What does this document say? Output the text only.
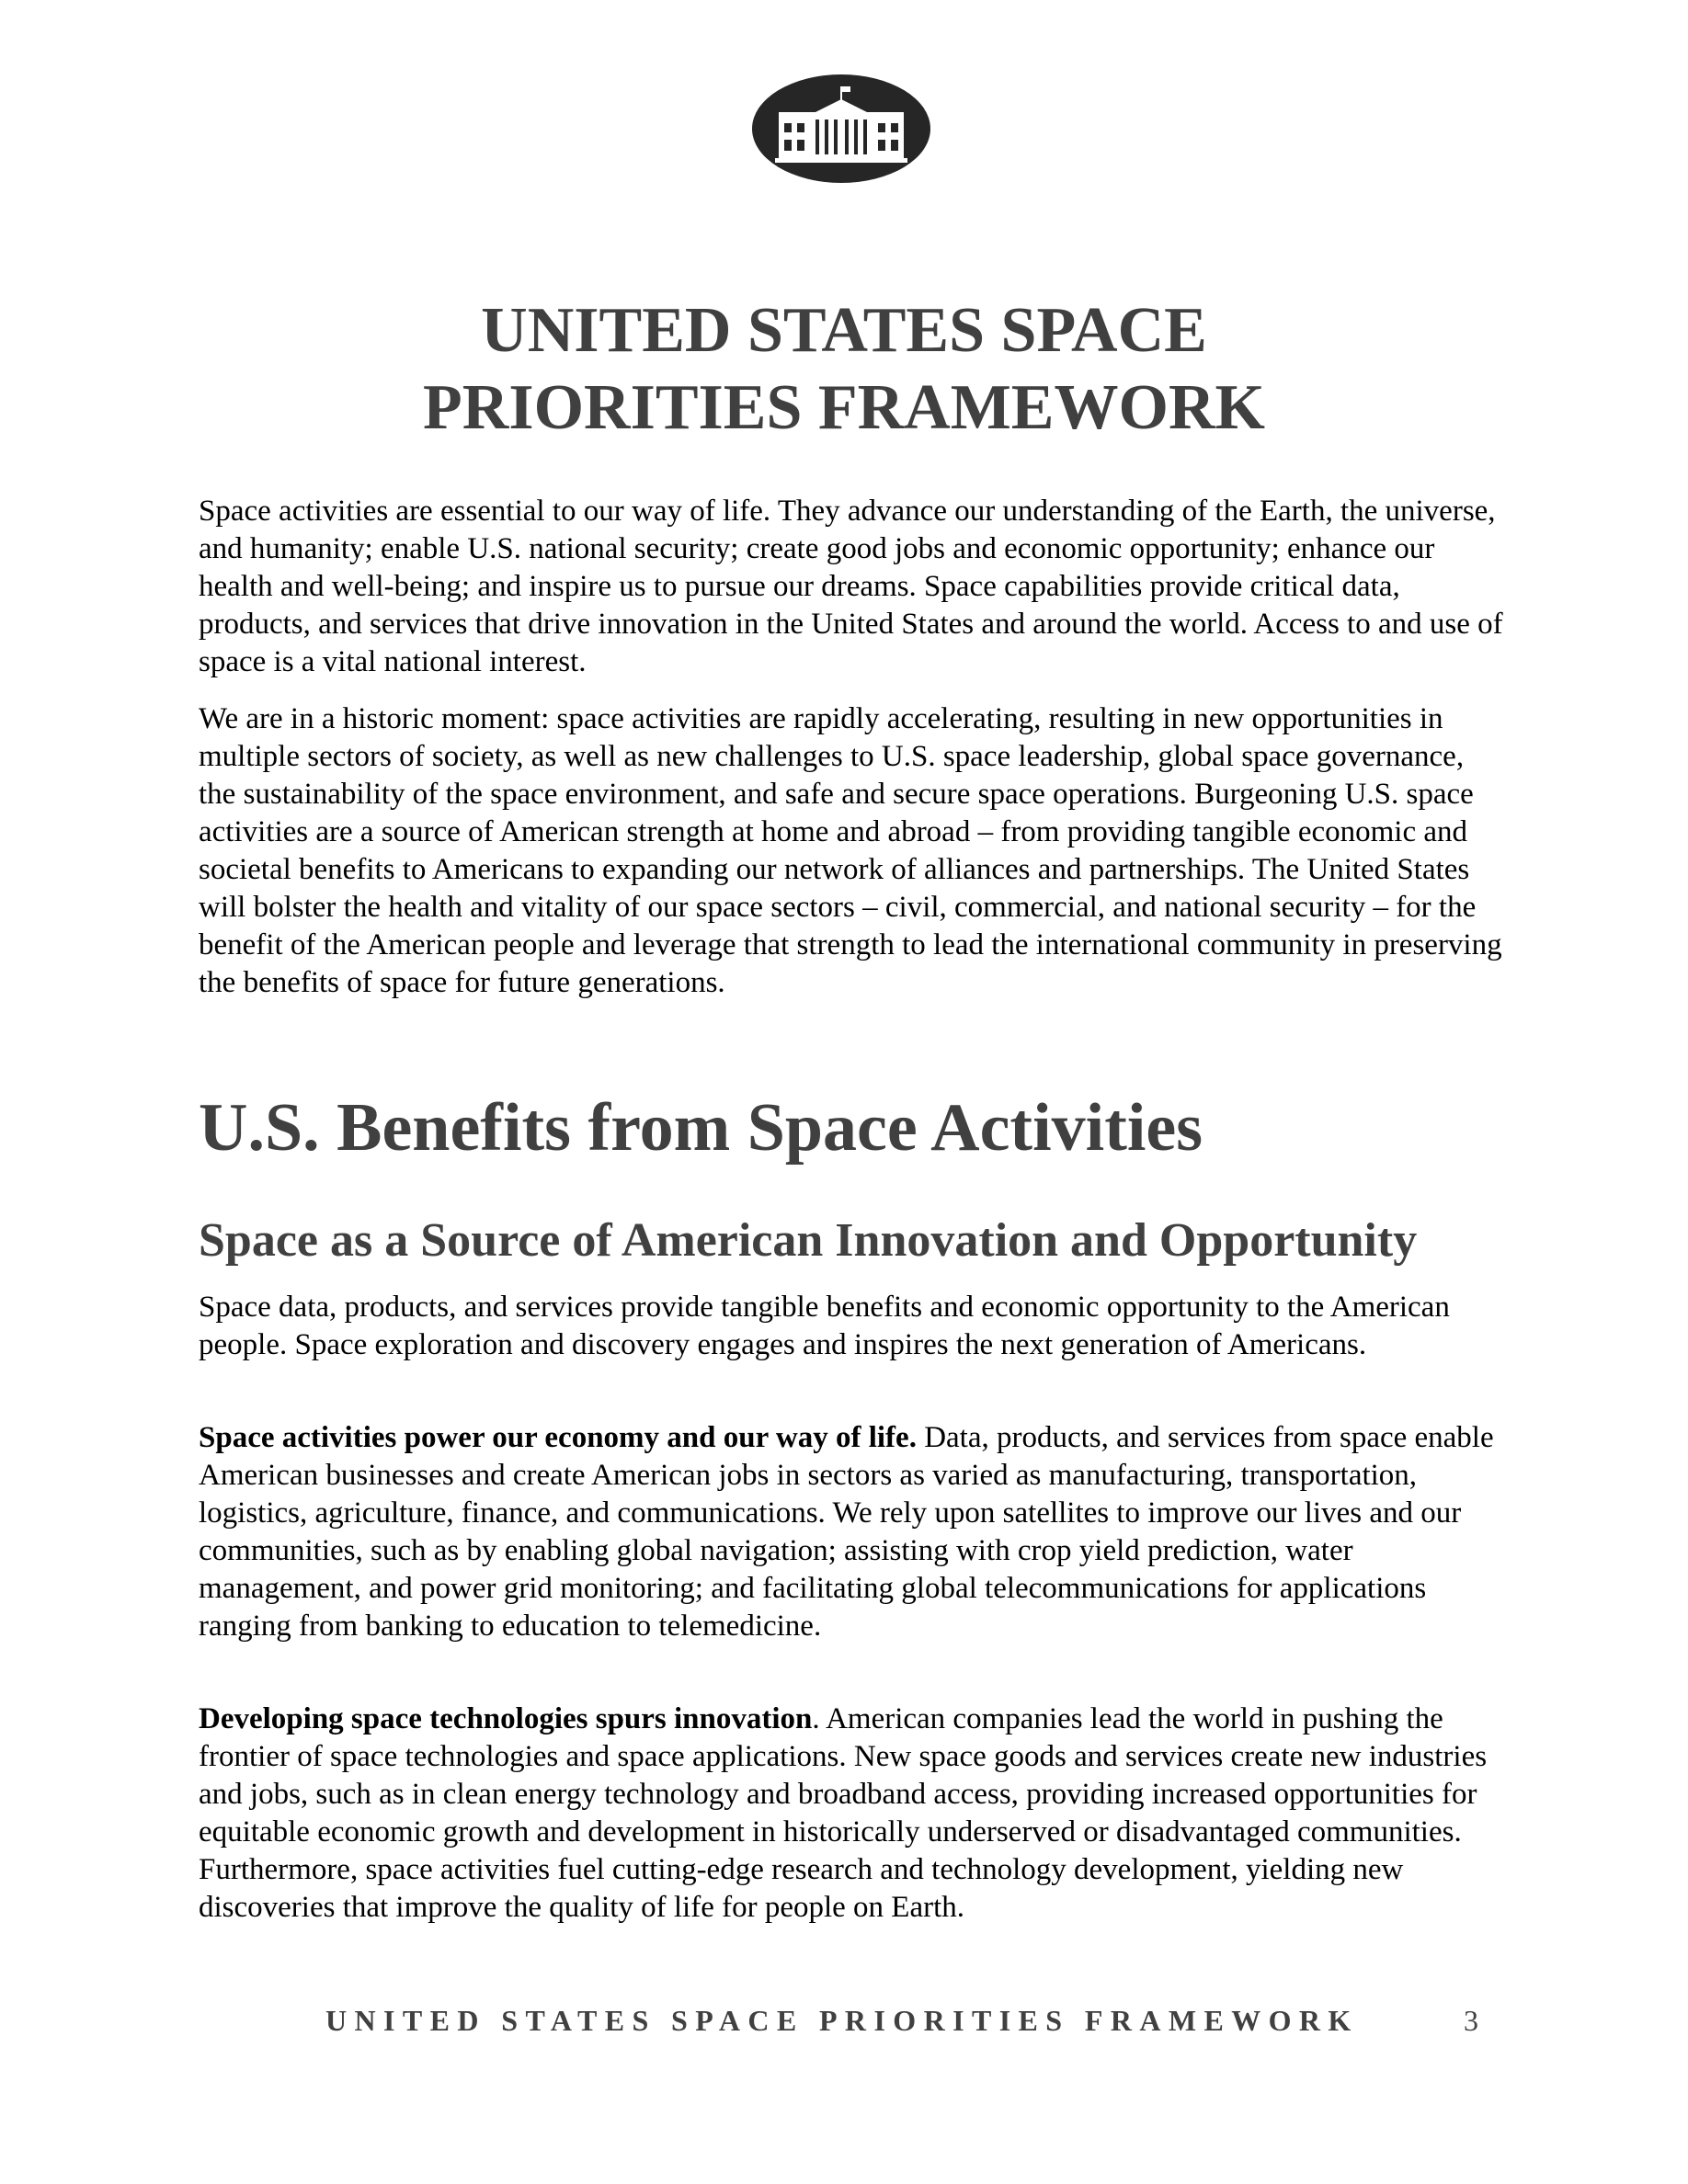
UNITED STATES SPACE
PRIORITIES FRAMEWORK

Space activities are essential to our way of life. They advance our understanding of the Earth, the universe, and humanity; enable U.S. national security; create good jobs and economic opportunity; enhance our health and well-being; and inspire us to pursue our dreams. Space capabilities provide critical data, products, and services that drive innovation in the United States and around the world. Access to and use of space is a vital national interest.

We are in a historic moment: space activities are rapidly accelerating, resulting in new opportunities in multiple sectors of society, as well as new challenges to U.S. space leadership, global space governance, the sustainability of the space environment, and safe and secure space operations. Burgeoning U.S. space activities are a source of American strength at home and abroad – from providing tangible economic and societal benefits to Americans to expanding our network of alliances and partnerships. The United States will bolster the health and vitality of our space sectors – civil, commercial, and national security – for the benefit of the American people and leverage that strength to lead the international community in preserving the benefits of space for future generations.

U.S. Benefits from Space Activities
Space as a Source of American Innovation and Opportunity

Space data, products, and services provide tangible benefits and economic opportunity to the American people. Space exploration and discovery engages and inspires the next generation of Americans.

Space activities power our economy and our way of life. Data, products, and services from space enable American businesses and create American jobs in sectors as varied as manufacturing, transportation, logistics, agriculture, finance, and communications. We rely upon satellites to improve our lives and our communities, such as by enabling global navigation; assisting with crop yield prediction, water management, and power grid monitoring; and facilitating global telecommunications for applications ranging from banking to education to telemedicine.

Developing space technologies spurs innovation. American companies lead the world in pushing the frontier of space technologies and space applications. New space goods and services create new industries and jobs, such as in clean energy technology and broadband access, providing increased opportunities for equitable economic growth and development in historically underserved or disadvantaged communities. Furthermore, space activities fuel cutting-edge research and technology development, yielding new discoveries that improve the quality of life for people on Earth.

UNITED STATES SPACE PRIORITIES FRAMEWORK	3
